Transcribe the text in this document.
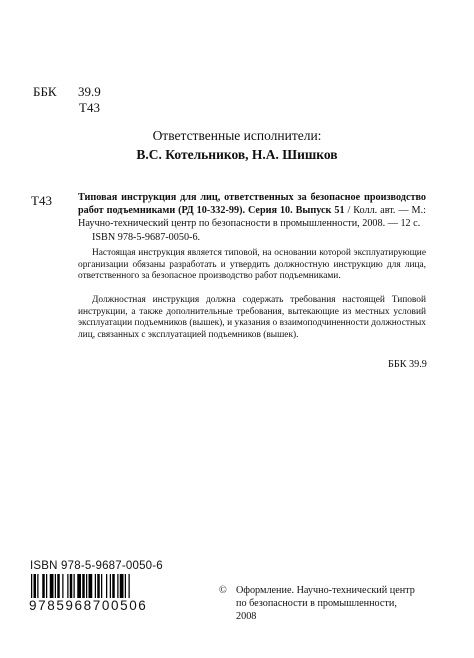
ББК 39.9
Т43
Ответственные исполнители:
В.С. Котельников, Н.А. Шишков
Т43	Типовая инструкция для лиц, ответственных за безопасное производство работ подъемниками (РД 10-332-99). Серия 10. Выпуск 51 / Колл. авт. — М.: Научно-технический центр по безопасности в промышленности, 2008. — 12 с.
ISBN 978-5-9687-0050-6.
Настоящая инструкция является типовой, на основании которой эксплуатирующие организации обязаны разработать и утвердить должностную инструкцию для лица, ответственного за безопасное производство работ подъемниками.
Должностная инструкция должна содержать требования настоящей Типовой инструкции, а также дополнительные требования, вытекающие из местных условий эксплуатации подъемников (вышек), и указания о взаимоподчиненности должностных лиц, связанных с эксплуатацией подъемников (вышек).
ББК 39.9
ISBN 978-5-9687-0050-6
9785968700506
© Оформление. Научно-технический центр
по безопасности в промышленности,
2008
